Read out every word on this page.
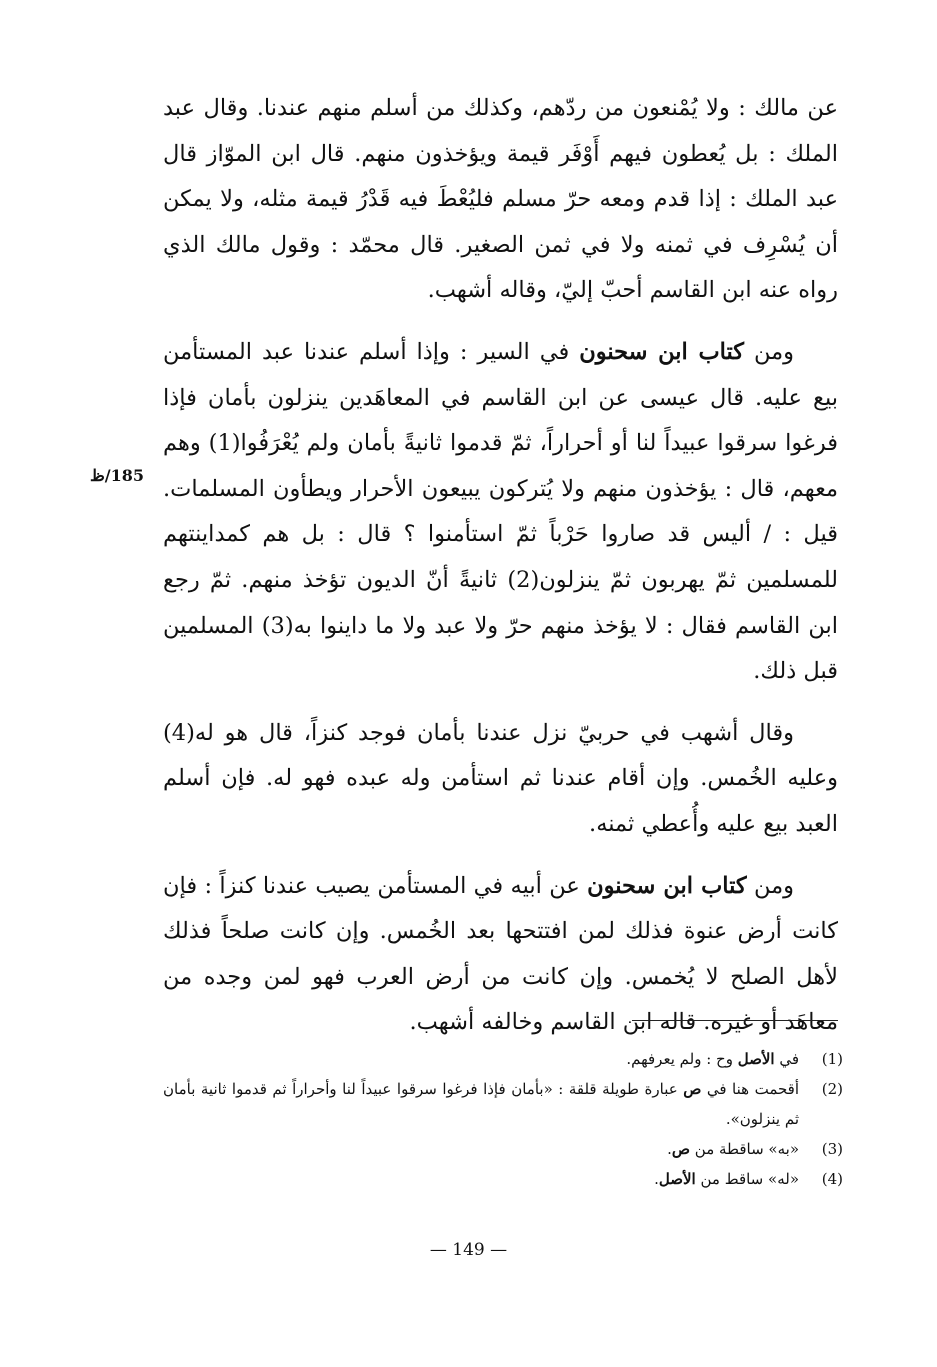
عن مالك : ولا يُمْنعون من ردّهم، وكذلك من أسلم منهم عندنا. وقال عبد الملك : بل يُعطون فيهم أَوْفَر قيمة ويؤخذون منهم. قال ابن الموّاز قال عبد الملك : إذا قدم ومعه حرّ مسلم فليُعْطَ فيه قَدْرُ قيمة مثله، ولا يمكن أن يُسْرِف في ثمنه ولا في ثمن الصغير. قال محمّد : وقول مالك الذي رواه عنه ابن القاسم أحبّ إليّ، وقاله أشهب.

ومن كتاب ابن سحنون في السير : وإذا أسلم عندنا عبد المستأمن بيع عليه. قال عيسى عن ابن القاسم في المعاهَدين ينزلون بأمان فإذا فرغوا سرقوا عبيداً لنا أو أحراراً، ثمّ قدموا ثانيةً بأمان ولم يُعْرَفُوا(1) وهم معهم، قال : يؤخذون منهم ولا يُتركون يبيعون الأحرار ويطأون المسلمات. قيل : / أليس قد صاروا حَرْباً ثمّ استأمنوا ؟ قال : بل هم كمداينتهم للمسلمين ثمّ يهربون ثمّ ينزلون(2) ثانيةً أنّ الديون تؤخذ منهم. ثمّ رجع ابن القاسم فقال : لا يؤخذ منهم حرّ ولا عبد ولا ما داينوا به(3) المسلمين قبل ذلك.

وقال أشهب في حربيّ نزل عندنا بأمان فوجد كنزاً، قال هو له(4) وعليه الخُمس. وإن أقام عندنا ثم استأمن وله عبده فهو له. فإن أسلم العبد بيع عليه وأُعطي ثمنه.

ومن كتاب ابن سحنون عن أبيه في المستأمن يصيب عندنا كنزاً : فإن كانت أرض عنوة فذلك لمن افتتحها بعد الخُمس. وإن كانت صلحاً فذلك لأهل الصلح لا يُخمس. وإن كانت من أرض العرب فهو لمن وجده من معاهَد أو غيره. قاله ابن القاسم وخالفه أشهب.

185/ظ
(1)
في الأصل وح : ولم يعرفهم.
(2)
أقحمت هنا في ص عبارة طويلة قلقة : «بأمان فإذا فرغوا سرقوا عبيداً لنا وأحراراً ثم قدموا ثانية بأمان ثم ينزلون».
(3)
«به» ساقطة من ص.
(4)
«له» ساقط من الأصل.
— 149 —
